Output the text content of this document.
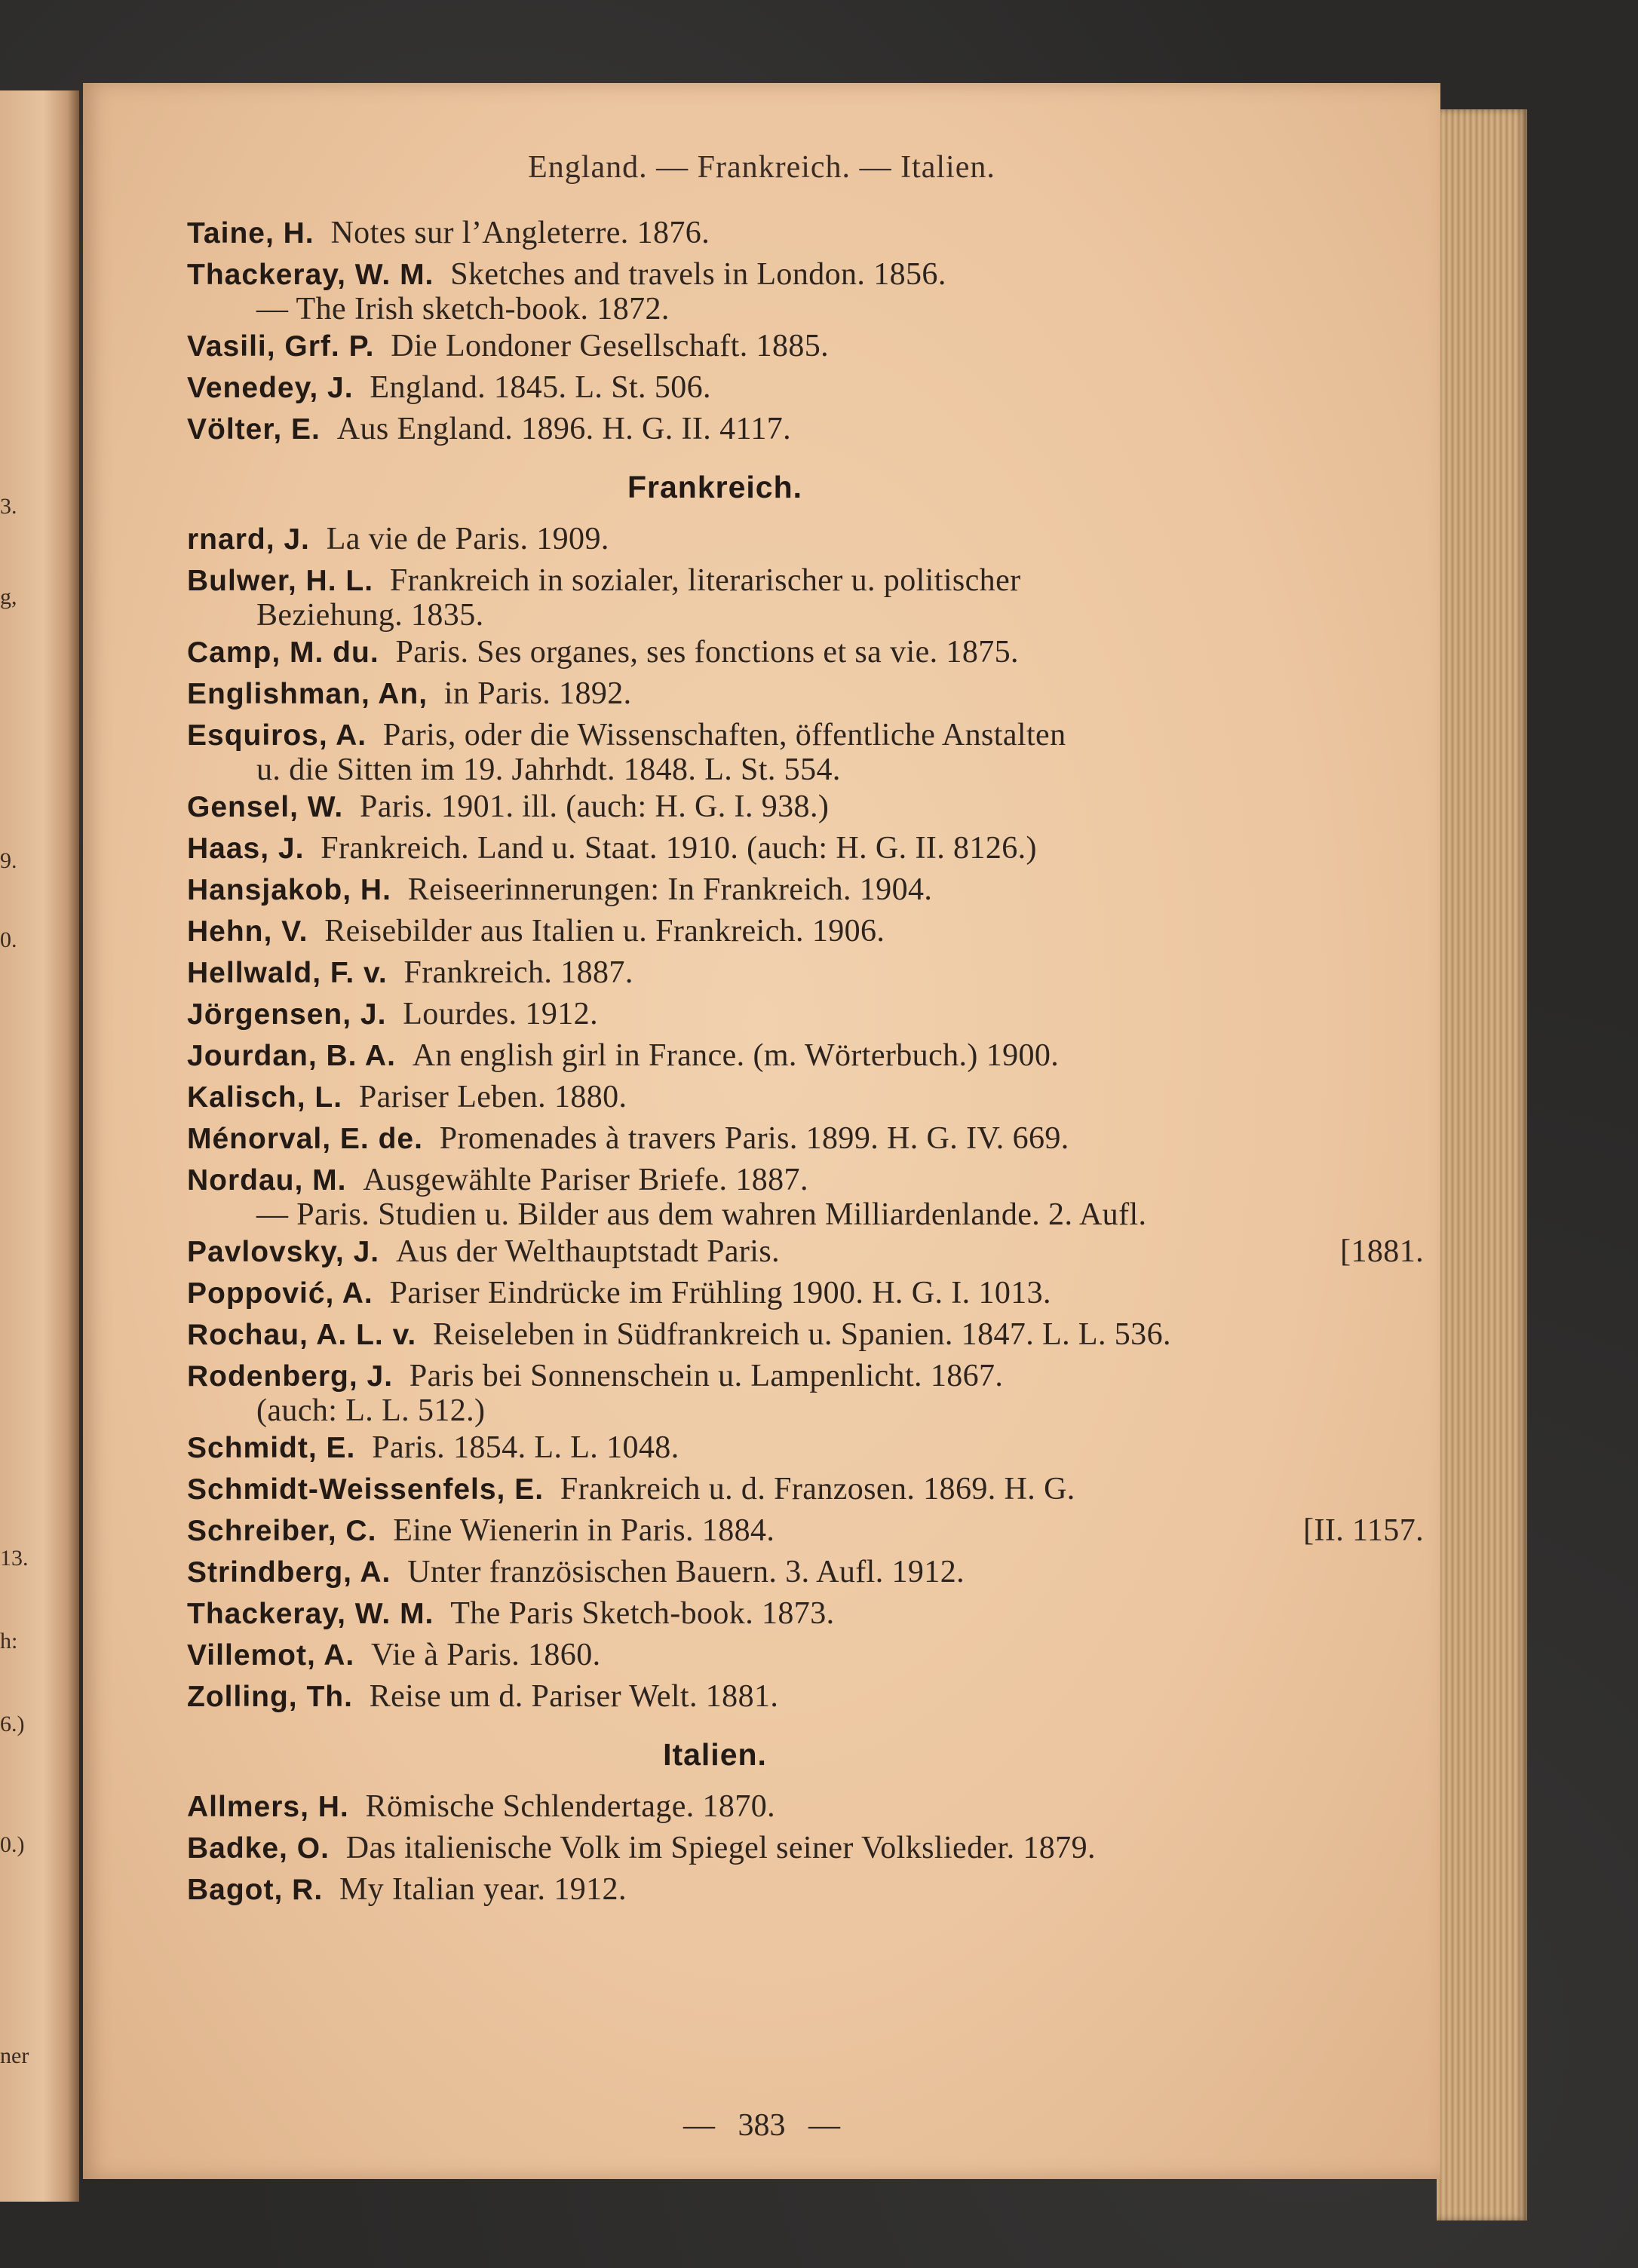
3.
g,
9.
0.
13.
h:
6.)
0.)
ner
England. — Frankreich. — Italien.
Taine, H. Notes sur l’Angleterre. 1876.
Thackeray, W. M. Sketches and travels in London. 1856.
— The Irish sketch-book. 1872.
Vasili, Grf. P. Die Londoner Gesellschaft. 1885.
Venedey, J. England. 1845. L. St. 506.
Völter, E. Aus England. 1896. H. G. II. 4117.
Frankreich.
rnard, J. La vie de Paris. 1909.
Bulwer, H. L. Frankreich in sozialer, literarischer u. politischer
Beziehung. 1835.
Camp, M. du. Paris. Ses organes, ses fonctions et sa vie. 1875.
Englishman, An, in Paris. 1892.
Esquiros, A. Paris, oder die Wissenschaften, öffentliche Anstalten
u. die Sitten im 19. Jahrhdt. 1848. L. St. 554.
Gensel, W. Paris. 1901. ill. (auch: H. G. I. 938.)
Haas, J. Frankreich. Land u. Staat. 1910. (auch: H. G. II. 8126.)
Hansjakob, H. Reiseerinnerungen: In Frankreich. 1904.
Hehn, V. Reisebilder aus Italien u. Frankreich. 1906.
Hellwald, F. v. Frankreich. 1887.
Jörgensen, J. Lourdes. 1912.
Jourdan, B. A. An english girl in France. (m. Wörterbuch.) 1900.
Kalisch, L. Pariser Leben. 1880.
Ménorval, E. de. Promenades à travers Paris. 1899. H. G. IV. 669.
Nordau, M. Ausgewählte Pariser Briefe. 1887.
— Paris. Studien u. Bilder aus dem wahren Milliardenlande. 2. Aufl.
Pavlovsky, J. Aus der Welthauptstadt Paris.	[1881.
Poppović, A. Pariser Eindrücke im Frühling 1900. H. G. I. 1013.
Rochau, A. L. v. Reiseleben in Südfrankreich u. Spanien. 1847. L. L. 536.
Rodenberg, J. Paris bei Sonnenschein u. Lampenlicht. 1867.
(auch: L. L. 512.)
Schmidt, E. Paris. 1854. L. L. 1048.
Schmidt-Weissenfels, E. Frankreich u. d. Franzosen. 1869. H. G.
Schreiber, C. Eine Wienerin in Paris. 1884.	[II. 1157.
Strindberg, A. Unter französischen Bauern. 3. Aufl. 1912.
Thackeray, W. M. The Paris Sketch-book. 1873.
Villemot, A. Vie à Paris. 1860.
Zolling, Th. Reise um d. Pariser Welt. 1881.
Italien.
Allmers, H. Römische Schlendertage. 1870.
Badke, O. Das italienische Volk im Spiegel seiner Volkslieder. 1879.
Bagot, R. My Italian year. 1912.
— 383 —
